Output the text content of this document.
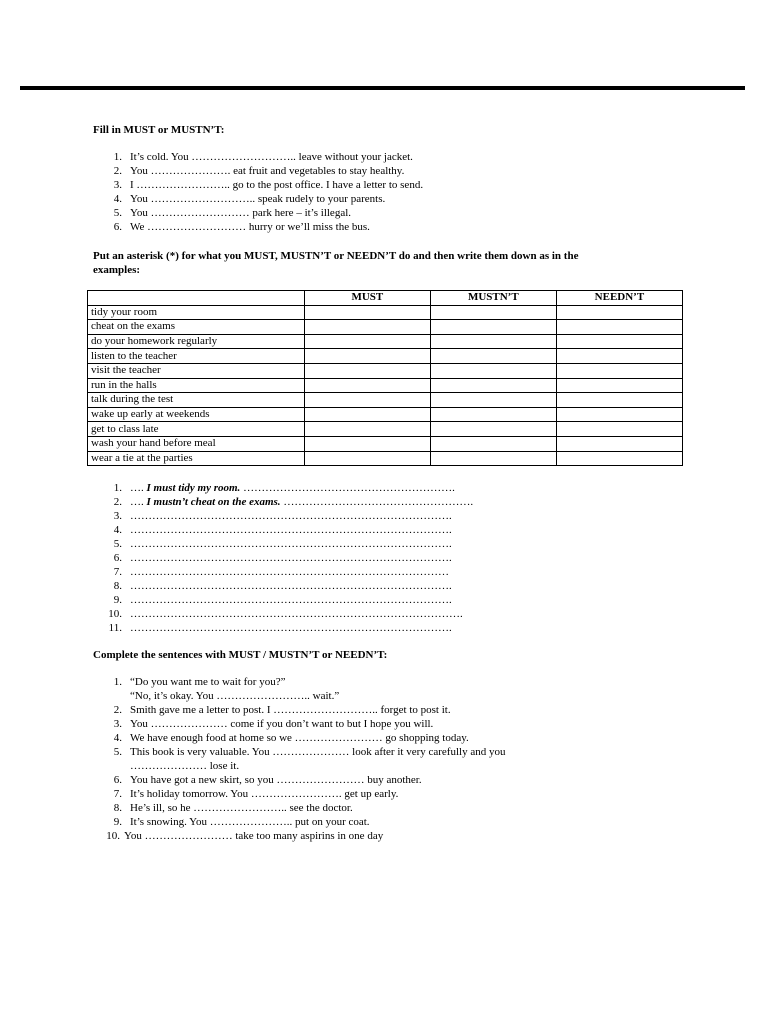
Fill in MUST or MUSTN’T:
1. It’s cold. You ……………………….. leave without your jacket.
2. You …………………. eat fruit and vegetables to stay healthy.
3. I …………………….. go to the post office. I have a letter to send.
4. You ……………………….. speak rudely to your parents.
5. You ……………………… park here – it’s illegal.
6. We ……………………… hurry or we’ll miss the bus.
Put an asterisk (*) for what you MUST, MUSTN’T or NEEDN’T do and then write them down as in the
examples:
	MUST	MUSTN’T	NEEDN’T
tidy your room			
cheat on the exams			
do your homework regularly			
listen to the teacher			
visit the teacher			
run in the halls			
talk during the test			
wake up early at weekends			
get to class late			
wash your hand before meal			
wear a tie at the parties			
1. …. I must tidy my room. ………………………………………………….
2. …. I mustn’t cheat on the exams. …………………………………………….
3. …………………………………………………………………………….
4. …………………………………………………………………………….
5. …………………………………………………………………………….
6. …………………………………………………………………………….
7. ……………………………………………………………………………
8. …………………………………………………………………………….
9. …………………………………………………………………………….
10. ……………………………………………………………………………….
11. …………………………………………………………………………….
Complete the sentences with MUST / MUSTN’T or NEEDN’T:
1. “Do you want me to wait for you?”
“No, it’s okay. You …………………….. wait.”
2. Smith gave me a letter to post. I ……………………….. forget to post it.
3. You ………………… come if you don’t want to but I hope you will.
4. We have enough food at home so we …………………… go shopping today.
5. This book is very valuable. You ………………… look after it very carefully and you
………………… lose it.
6. You have got a new skirt, so you …………………… buy another.
7. It’s holiday tomorrow. You ……………………. get up early.
8. He’s ill, so he …………………….. see the doctor.
9. It’s snowing. You ………………….. put on your coat.
10. You …………………… take too many aspirins in one day
